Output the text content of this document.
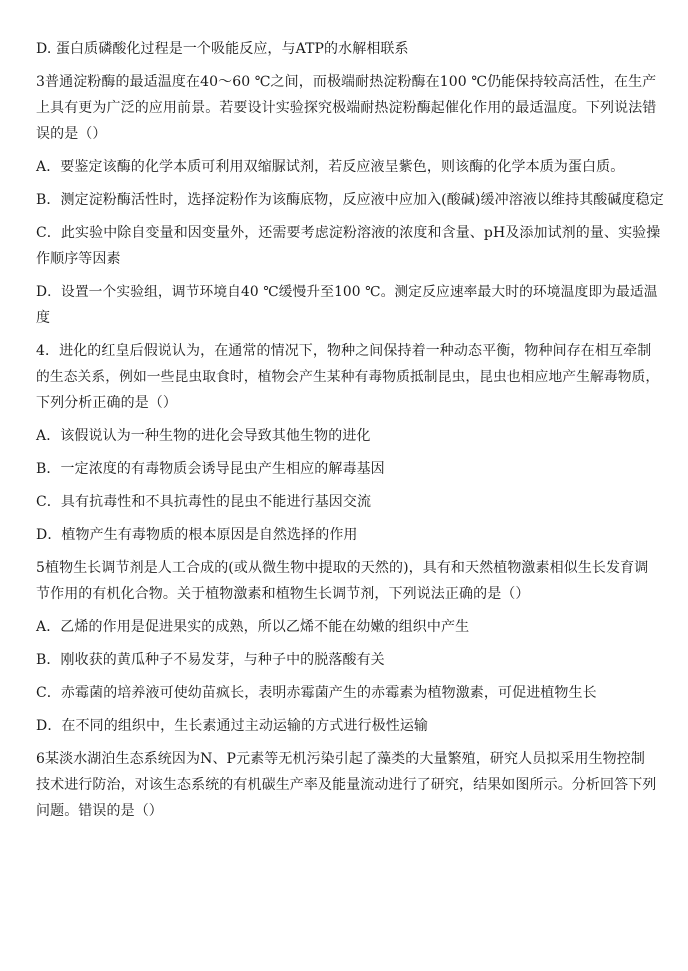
D. 蛋白质磷酸化过程是一个吸能反应，与ATP的水解相联系
3普通淀粉酶的最适温度在40～60 ℃之间，而极端耐热淀粉酶在100 ℃仍能保持较高活性，在生产
上具有更为广泛的应用前景。若要设计实验探究极端耐热淀粉酶起催化作用的最适温度。下列说法错
误的是（）
A．要鉴定该酶的化学本质可利用双缩脲试剂，若反应液呈紫色，则该酶的化学本质为蛋白质。
B．测定淀粉酶活性时，选择淀粉作为该酶底物，反应液中应加入(酸碱)缓冲溶液以维持其酸碱度稳定
C．此实验中除自变量和因变量外，还需要考虑淀粉溶液的浓度和含量、pH及添加试剂的量、实验操
作顺序等因素
D．设置一个实验组，调节环境自40 ℃缓慢升至100 ℃。测定反应速率最大时的环境温度即为最适温
度
4．进化的红皇后假说认为，在通常的情况下，物种之间保持着一种动态平衡，物种间存在相互牵制
的生态关系，例如一些昆虫取食时，植物会产生某种有毒物质抵制昆虫，昆虫也相应地产生解毒物质，
下列分析正确的是（）
A．该假说认为一种生物的进化会导致其他生物的进化
B．一定浓度的有毒物质会诱导昆虫产生相应的解毒基因
C．具有抗毒性和不具抗毒性的昆虫不能进行基因交流
D．植物产生有毒物质的根本原因是自然选择的作用
5植物生长调节剂是人工合成的(或从微生物中提取的天然的)，具有和天然植物激素相似生长发育调
节作用的有机化合物。关于植物激素和植物生长调节剂，下列说法正确的是（）
A．乙烯的作用是促进果实的成熟，所以乙烯不能在幼嫩的组织中产生
B．刚收获的黄瓜种子不易发芽，与种子中的脱落酸有关
C．赤霉菌的培养液可使幼苗疯长，表明赤霉菌产生的赤霉素为植物激素，可促进植物生长
D．在不同的组织中，生长素通过主动运输的方式进行极性运输
6某淡水湖泊生态系统因为N、P元素等无机污染引起了藻类的大量繁殖，研究人员拟采用生物控制
技术进行防治，对该生态系统的有机碳生产率及能量流动进行了研究，结果如图所示。分析回答下列
问题。错误的是（）
